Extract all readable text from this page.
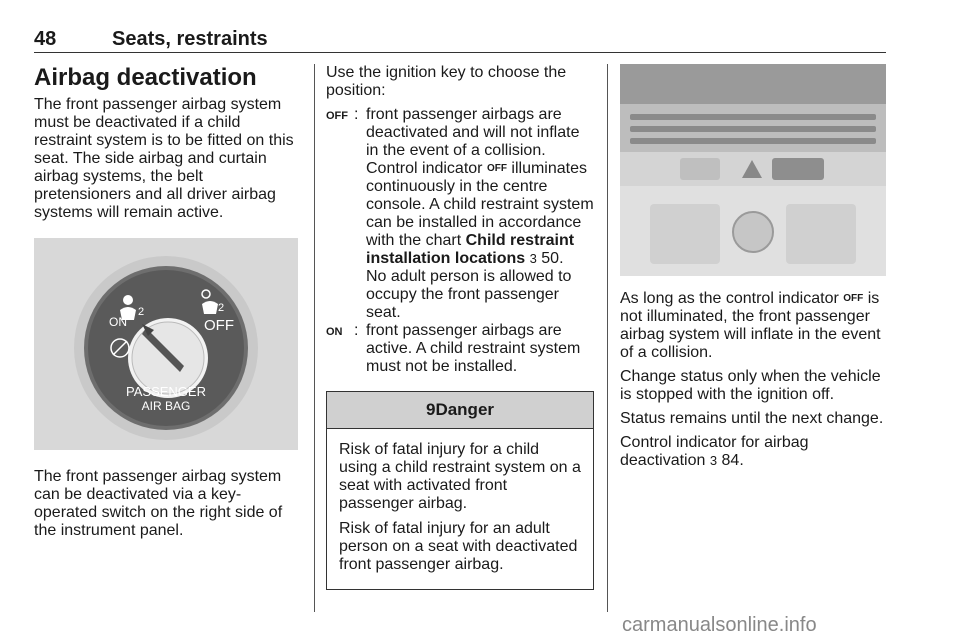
48	Seats, restraints
Airbag deactivation

The front passenger airbag system must be deactivated if a child restraint system is to be fitted on this seat. The side airbag and curtain airbag systems, the belt pretensioners and all driver airbag systems will remain active.

2	2
ON	OFF
PASSENGER
AIR BAG

The front passenger airbag system can be deactivated via a key-operated switch on the right side of the instrument panel.

Use the ignition key to choose the position:

OFF : front passenger airbags are deactivated and will not inflate in the event of a collision.
Control indicator $^{OFF}$ illuminates continuously in the centre console. A child restraint system can be installed in accordance with the chart Child restraint installation locations 3 50.
No adult person is allowed to occupy the front passenger seat.
ON : front passenger airbags are active. A child restraint system must not be installed.
9Danger

Risk of fatal injury for a child using a child restraint system on a seat with activated front passenger airbag.

Risk of fatal injury for an adult person on a seat with deactivated front passenger airbag.

As long as the control indicator $^{OFF}$ is not illuminated, the front passenger airbag system will inflate in the event of a collision.

Change status only when the vehicle is stopped with the ignition off.

Status remains until the next change.

Control indicator for airbag deactivation 3 84.

carmanualsonline.info
